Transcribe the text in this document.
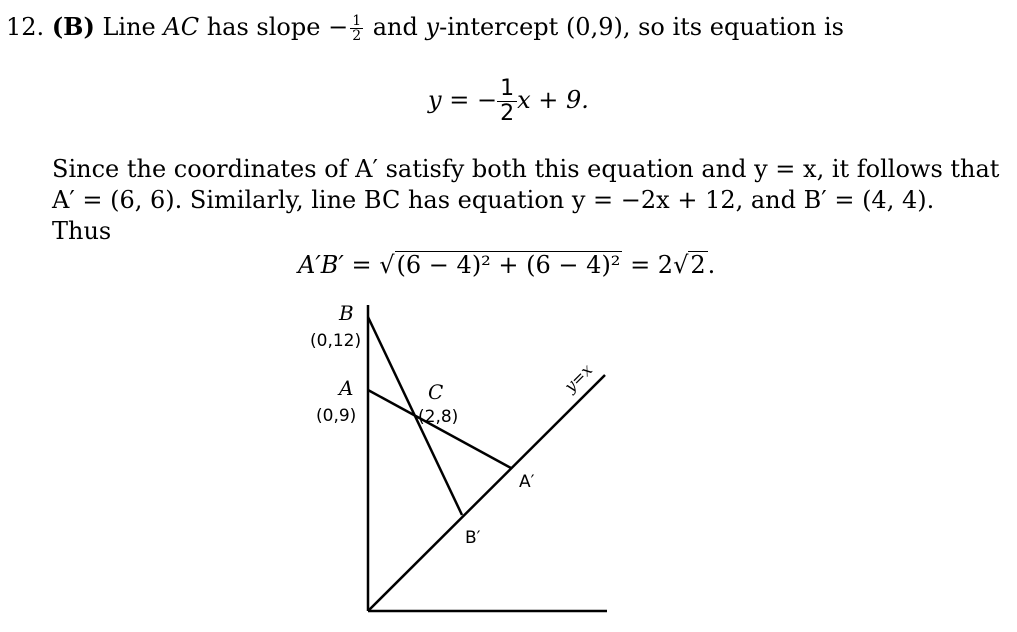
12. (B) Line AC has slope − $\frac{1}{2}$ and y-intercept (0,9), so its equation is
y = − $\frac{1}{2}$ x + 9.
Since the coordinates of A′ satisfy both this equation and y = x, it follows that
A′ = (6, 6). Similarly, line BC has equation y = −2x + 12, and B′ = (4, 4).
Thus
A′B′ = √(6 − 4)² + (6 − 4)² = 2√2.
B
(0,12)
A
(0,9)
C
(2,8)
A′
B′
y=x
